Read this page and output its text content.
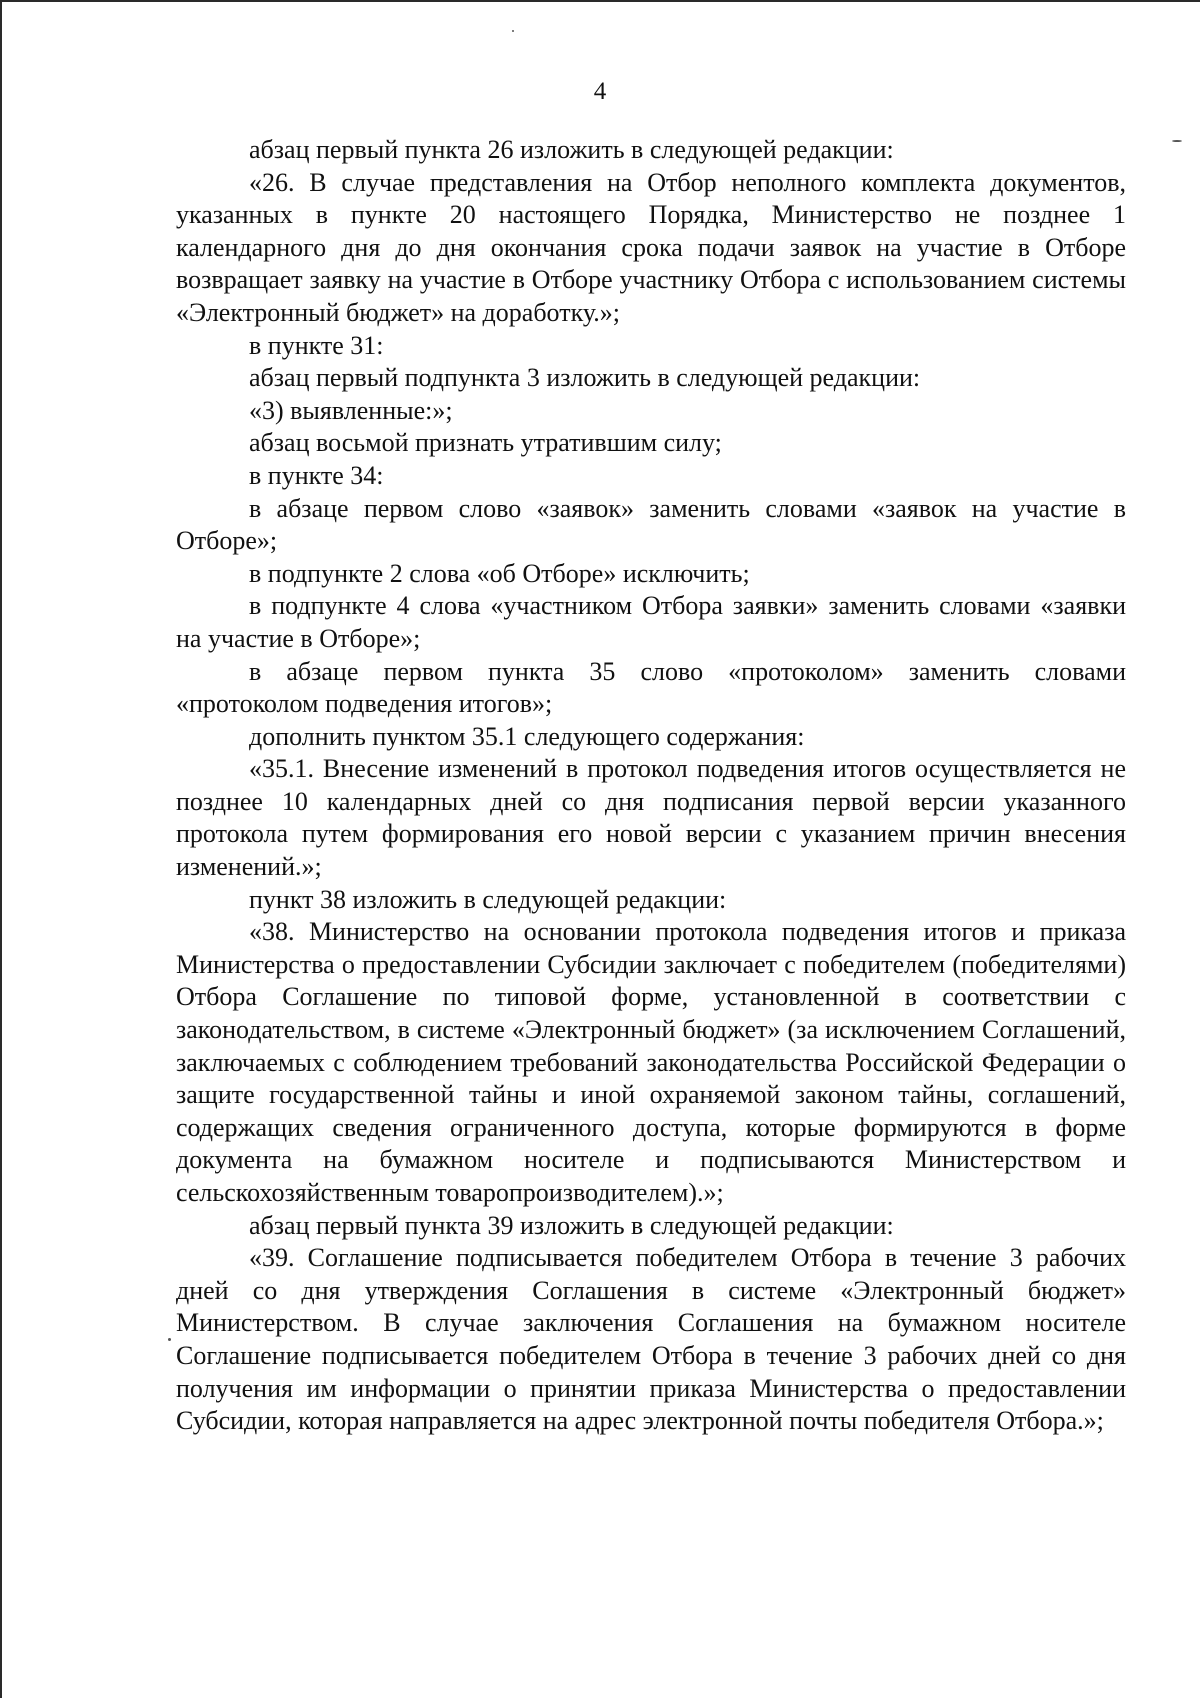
4

абзац первый пункта 26 изложить в следующей редакции:

«26. В случае представления на Отбор неполного комплекта документов, указанных в пункте 20 настоящего Порядка, Министерство не позднее 1 календарного дня до дня окончания срока подачи заявок на участие в Отборе возвращает заявку на участие в Отборе участнику Отбора с использованием системы «Электронный бюджет» на доработку.»;

в пункте 31:

абзац первый подпункта 3 изложить в следующей редакции:

«3) выявленные:»;

абзац восьмой признать утратившим силу;

в пункте 34:

в абзаце первом слово «заявок» заменить словами «заявок на участие в Отборе»;

в подпункте 2 слова «об Отборе» исключить;

в подпункте 4 слова «участником Отбора заявки» заменить словами «заявки на участие в Отборе»;

в абзаце первом пункта 35 слово «протоколом» заменить словами «протоколом подведения итогов»;

дополнить пунктом 35.1 следующего содержания:

«35.1. Внесение изменений в протокол подведения итогов осуществляется не позднее 10 календарных дней со дня подписания первой версии указанного протокола путем формирования его новой версии с указанием причин внесения изменений.»;

пункт 38 изложить в следующей редакции:

«38. Министерство на основании протокола подведения итогов и приказа Министерства о предоставлении Субсидии заключает с победителем (победителями) Отбора Соглашение по типовой форме, установленной в соответствии с законодательством, в системе «Электронный бюджет» (за исключением Соглашений, заключаемых с соблюдением требований законодательства Российской Федерации о защите государственной тайны и иной охраняемой законом тайны, соглашений, содержащих сведения ограниченного доступа, которые формируются в форме документа на бумажном носителе и подписываются Министерством и сельскохозяйственным товаропроизводителем).»;

абзац первый пункта 39 изложить в следующей редакции:

«39. Соглашение подписывается победителем Отбора в течение 3 рабочих дней со дня утверждения Соглашения в системе «Электронный бюджет» Министерством. В случае заключения Соглашения на бумажном носителе Соглашение подписывается победителем Отбора в течение 3 рабочих дней со дня получения им информации о принятии приказа Министерства о предоставлении Субсидии, которая направляется на адрес электронной почты победителя Отбора.»;
